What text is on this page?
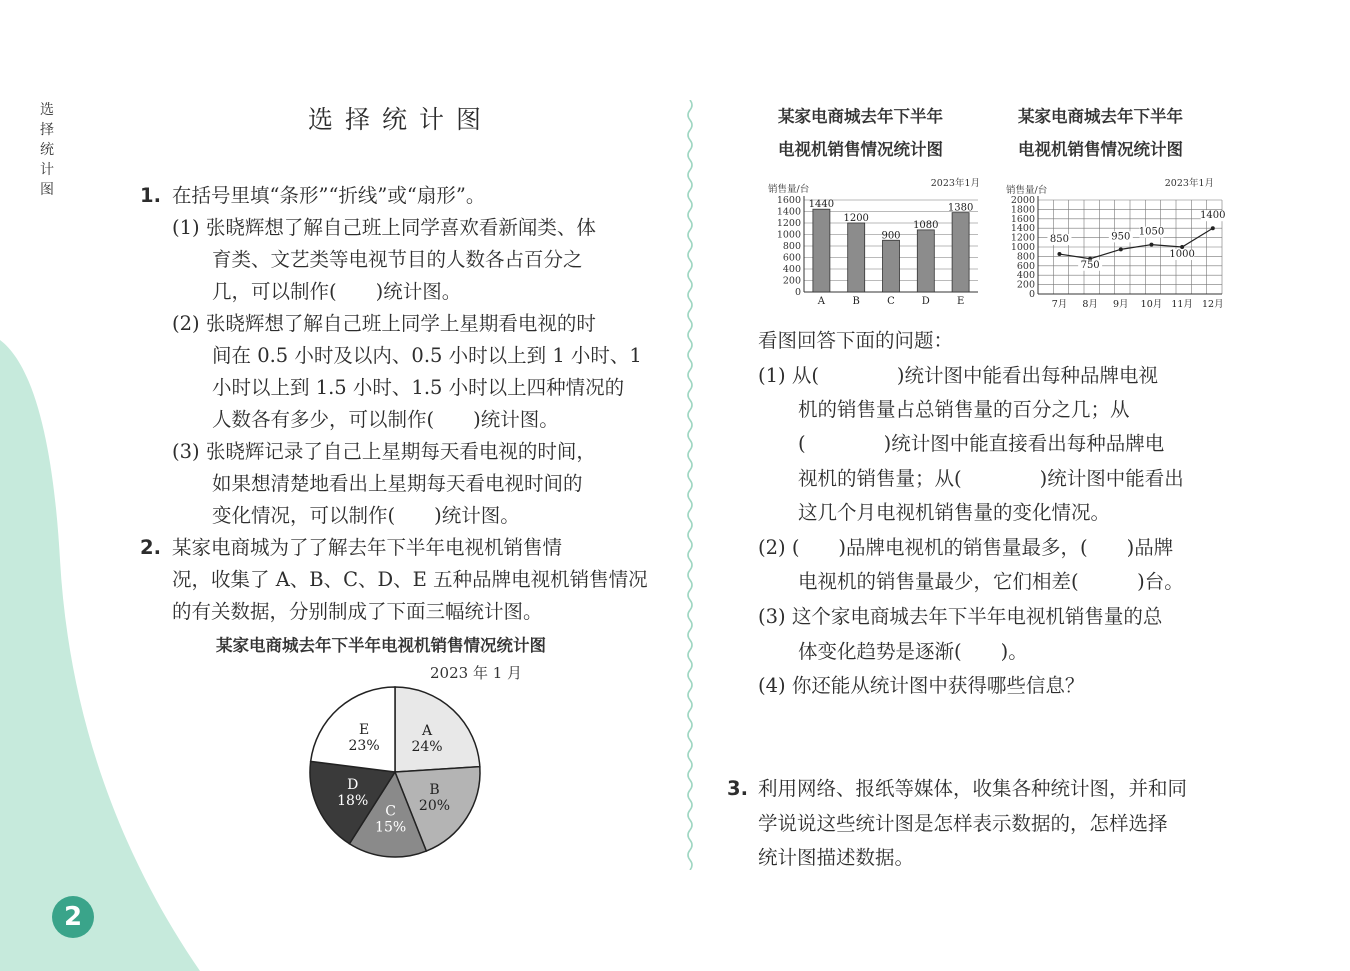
选
择
统
计
图
选择统计图
1. 在括号里填“条形”“折线”或“扇形”。
(1) 张晓辉想了解自己班上同学喜欢看新闻类、体
育类、文艺类等电视节目的人数各占百分之
几，可以制作(　　)统计图。
(2) 张晓辉想了解自己班上同学上星期看电视的时
间在 0.5 小时及以内、0.5 小时以上到 1 小时、1
小时以上到 1.5 小时、1.5 小时以上四种情况的
人数各有多少，可以制作(　　)统计图。
(3) 张晓辉记录了自己上星期每天看电视的时间，
如果想清楚地看出上星期每天看电视时间的
变化情况，可以制作(　　)统计图。
2. 某家电商城为了了解去年下半年电视机销售情
况，收集了 A、B、C、D、E 五种品牌电视机销售情况
的有关数据，分别制成了下面三幅统计图。
某家电商城去年下半年电视机销售情况统计图
2023 年 1 月
A
24%
B
20%
C
15%
D
18%
E
23%
某家电商城去年下半年
电视机销售情况统计图
销售量/台
2023年1月
0
200
400
600
800
1000
1200
1400
1600 1440
A
1200
B
900
C
1080
D
1380
E
某家电商城去年下半年
电视机销售情况统计图
销售量/台
2023年1月
0
200
400
600
800
1000
1200
1400
1600
1800
2000
850
7月
750
8月
950
9月
1050
10月
1000
11月
1400
12月
看图回答下面的问题：
(1) 从(　　　　)统计图中能看出每种品牌电视
机的销售量占总销售量的百分之几；从
(　　　　)统计图中能直接看出每种品牌电
视机的销售量；从(　　　　)统计图中能看出
这几个月电视机销售量的变化情况。
(2) (　　)品牌电视机的销售量最多，(　　)品牌
电视机的销售量最少，它们相差(　　　)台。
(3) 这个家电商城去年下半年电视机销售量的总
体变化趋势是逐渐(　　)。
(4) 你还能从统计图中获得哪些信息？
3. 利用网络、报纸等媒体，收集各种统计图，并和同
学说说这些统计图是怎样表示数据的，怎样选择
统计图描述数据。
2
